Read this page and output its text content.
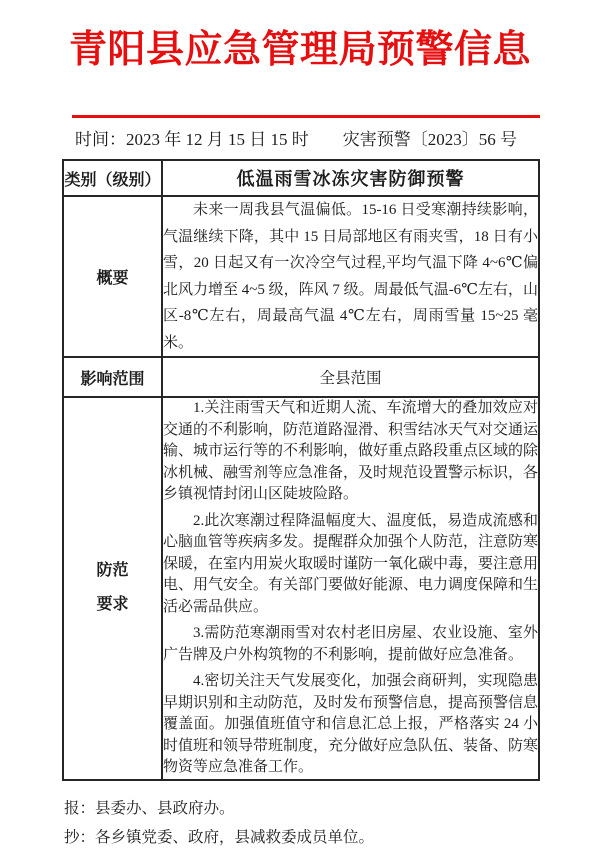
青阳县应急管理局预警信息
时间：2023 年 12 月 15 日 15 时 灾害预警〔2023〕56 号
类别（级别）	低温雨雪冰冻灾害防御预警
概要	未来一周我县气温偏低。15-16 日受寒潮持续影响，气温继续下降，其中 15 日局部地区有雨夹雪，18 日有小雪，20 日起又有一次冷空气过程,平均气温下降 4~6℃偏北风力增至 4~5 级，阵风 7 级。周最低气温-6℃左右，山区-8℃左右，周最高气温 4℃左右，周雨雪量 15~25 毫米。

影响范围	全县范围

防范要求	1.关注雨雪天气和近期人流、车流增大的叠加效应对交通的不利影响，防范道路湿滑、积雪结冰天气对交通运输、城市运行等的不利影响，做好重点路段重点区域的除冰机械、融雪剂等应急准备，及时规范设置警示标识，各乡镇视情封闭山区陡坡险路。

2.此次寒潮过程降温幅度大、温度低，易造成流感和心脑血管等疾病多发。提醒群众加强个人防范，注意防寒保暖，在室内用炭火取暖时谨防一氧化碳中毒，要注意用电、用气安全。有关部门要做好能源、电力调度保障和生活必需品供应。

3.需防范寒潮雨雪对农村老旧房屋、农业设施、室外广告牌及户外构筑物的不利影响，提前做好应急准备。

4.密切关注天气发展变化，加强会商研判，实现隐患早期识别和主动防范，及时发布预警信息，提高预警信息覆盖面。加强值班值守和信息汇总上报，严格落实 24 小时值班和领导带班制度，充分做好应急队伍、装备、防寒物资等应急准备工作。

报：县委办、县政府办。

抄：各乡镇党委、政府，县减救委成员单位。
